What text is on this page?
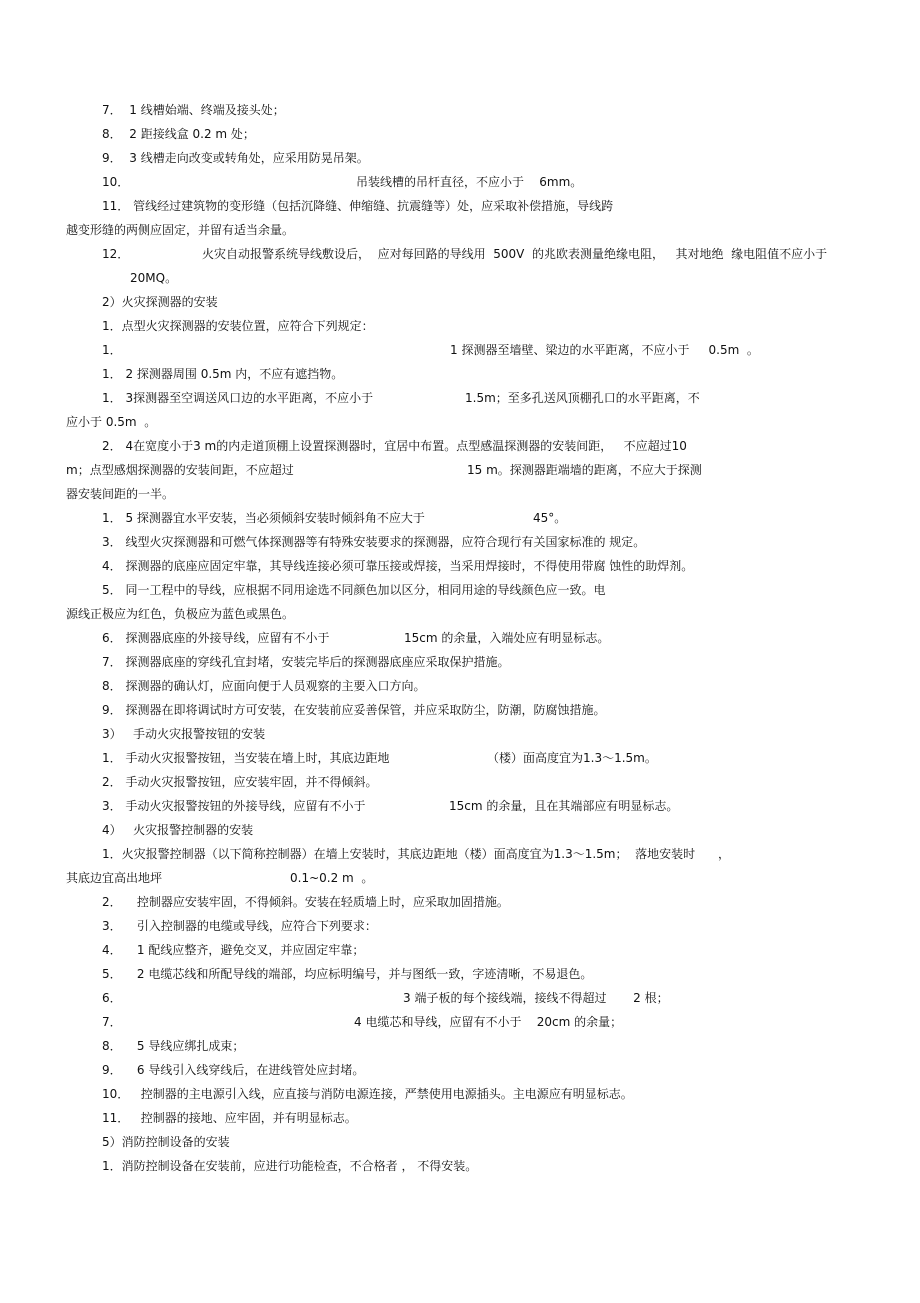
7．  1 线槽始端、终端及接头处；
8．  2 距接线盒 0.2 m 处；
9．  3 线槽走向改变或转角处，应采用防晃吊架。
10．	吊装线槽的吊杆直径，不应小于    6mm。
11． 管线经过建筑物的变形缝（包括沉降缝、伸缩缝、抗震缝等）处，应采取补偿措施，导线跨
越变形缝的两侧应固定，并留有适当余量。
12．	火灾自动报警系统导线敷设后，  应对每回路的导线用  500V  的兆欧表测量绝缘电阻，   其对地绝  缘电阻值不应小于
20MQ。
2）火灾探测器的安装
1．点型火灾探测器的安装位置，应符合下列规定：
1．	1 探测器至墙壁、梁边的水平距离，不应小于     0.5m  。
1． 2 探测器周围 0.5m 内，不应有遮挡物。
1． 3探测器至空调送风口边的水平距离，不应小于	1.5m；至多孔送风顶棚孔口的水平距离，不
应小于 0.5m  。
2． 4在宽度小于3 m的内走道顶棚上设置探测器时，宜居中布置。点型感温探测器的安装间距，   不应超过10
m；点型感烟探测器的安装间距，不应超过	15 m。探测器距端墙的距离，不应大于探测
器安装间距的一半。
1． 5 探测器宜水平安装，当必须倾斜安装时倾斜角不应大于	45°。
3． 线型火灾探测器和可燃气体探测器等有特殊安装要求的探测器，应符合现行有关国家标准的 规定。
4． 探测器的底座应固定牢靠，其导线连接必须可靠压接或焊接，当采用焊接时，不得使用带腐 蚀性的助焊剂。
5． 同一工程中的导线，应根据不同用途选不同颜色加以区分，相同用途的导线颜色应一致。电
源线正极应为红色，负极应为蓝色或黑色。
6． 探测器底座的外接导线，应留有不小于	15cm 的余量，入端处应有明显标志。
7． 探测器底座的穿线孔宜封堵，安装完毕后的探测器底座应采取保护措施。
8． 探测器的确认灯，应面向便于人员观察的主要入口方向。
9． 探测器在即将调试时方可安装，在安装前应妥善保管，并应采取防尘，防潮，防腐蚀措施。
3）   手动火灾报警按钮的安装
1． 手动火灾报警按钮，当安装在墙上时，其底边距地	（楼）面高度宜为1.3～1.5m。
2． 手动火灾报警按钮，应安装牢固，并不得倾斜。
3． 手动火灾报警按钮的外接导线，应留有不小于	15cm 的余量，且在其端部应有明显标志。
4）   火灾报警控制器的安装
1．火灾报警控制器（以下简称控制器）在墙上安装时，其底边距地（楼）面高度宜为1.3～1.5m；  落地安装时      ，
其底边宜高出地坪	0.1~0.2 m  。
2．    控制器应安装牢固，不得倾斜。安装在轻质墙上时，应采取加固措施。
3．    引入控制器的电缆或导线，应符合下列要求：
4．    1 配线应整齐，避免交叉，并应固定牢靠；
5．    2 电缆芯线和所配导线的端部，均应标明编号，并与图纸一致，字迹清晰，不易退色。
6．	3 端子板的每个接线端，接线不得超过       2 根；
7．	4 电缆芯和导线，应留有不小于    20cm 的余量；
8．    5 导线应绑扎成束；
9．    6 导线引入线穿线后，在进线管处应封堵。
10．   控制器的主电源引入线，应直接与消防电源连接，严禁使用电源插头。主电源应有明显标志。
11．   控制器的接地、应牢固，并有明显标志。
5）消防控制设备的安装
1．消防控制设备在安装前，应进行功能检查，不合格者 ， 不得安装。
